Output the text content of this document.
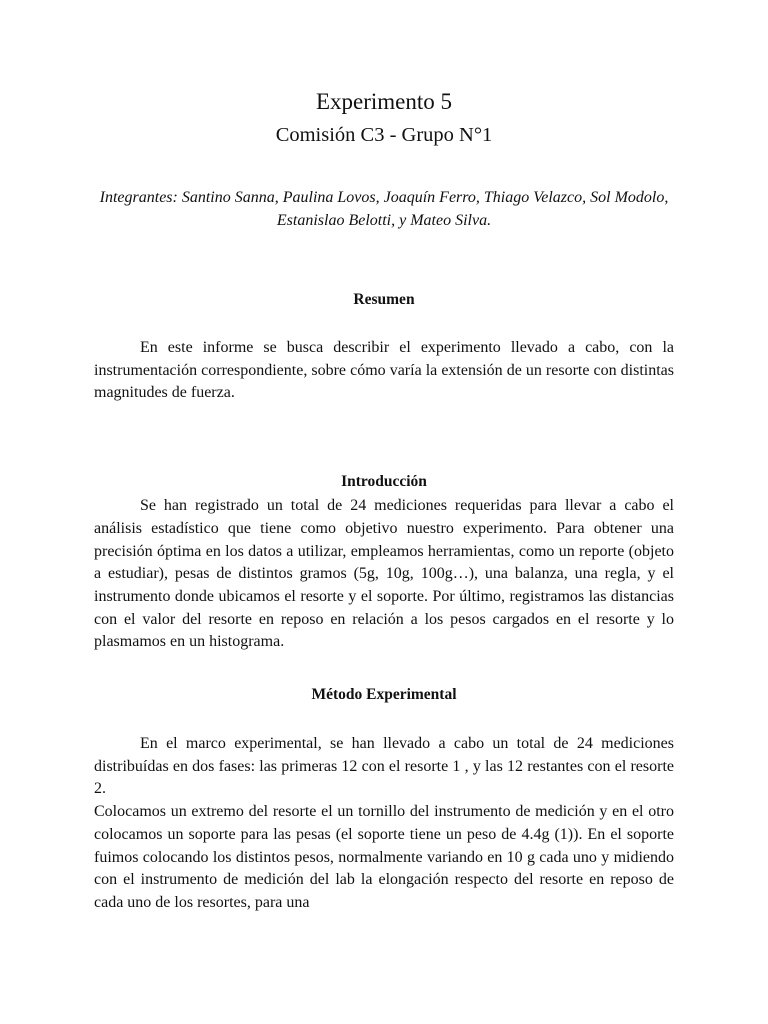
Experimento 5
Comisión C3 - Grupo N°1

Integrantes: Santino Sanna, Paulina Lovos, Joaquín Ferro, Thiago Velazco, Sol Modolo, Estanislao Belotti, y Mateo Silva.

Resumen

En este informe se busca describir el experimento llevado a cabo, con la instrumentación correspondiente, sobre cómo varía la extensión de un resorte con distintas magnitudes de fuerza.

Introducción

Se han registrado un total de 24 mediciones requeridas para llevar a cabo el análisis estadístico que tiene como objetivo nuestro experimento. Para obtener una precisión óptima en los datos a utilizar, empleamos herramientas, como un reporte (objeto a estudiar), pesas de distintos gramos (5g, 10g, 100g…), una balanza, una regla, y el instrumento donde ubicamos el resorte y el soporte. Por último, registramos las distancias con el valor del resorte en reposo en relación a los pesos cargados en el resorte y lo plasmamos en un histograma.

Método Experimental

En el marco experimental, se han llevado a cabo un total de 24 mediciones distribuídas en dos fases: las primeras 12 con el resorte 1 , y las 12 restantes con el resorte 2.

Colocamos un extremo del resorte el un tornillo del instrumento de medición y en el otro colocamos un soporte para las pesas (el soporte tiene un peso de 4.4g (1)). En el soporte fuimos colocando los distintos pesos, normalmente variando en 10 g cada uno y midiendo con el instrumento de medición del lab la elongación respecto del resorte en reposo de cada uno de los resortes, para una
